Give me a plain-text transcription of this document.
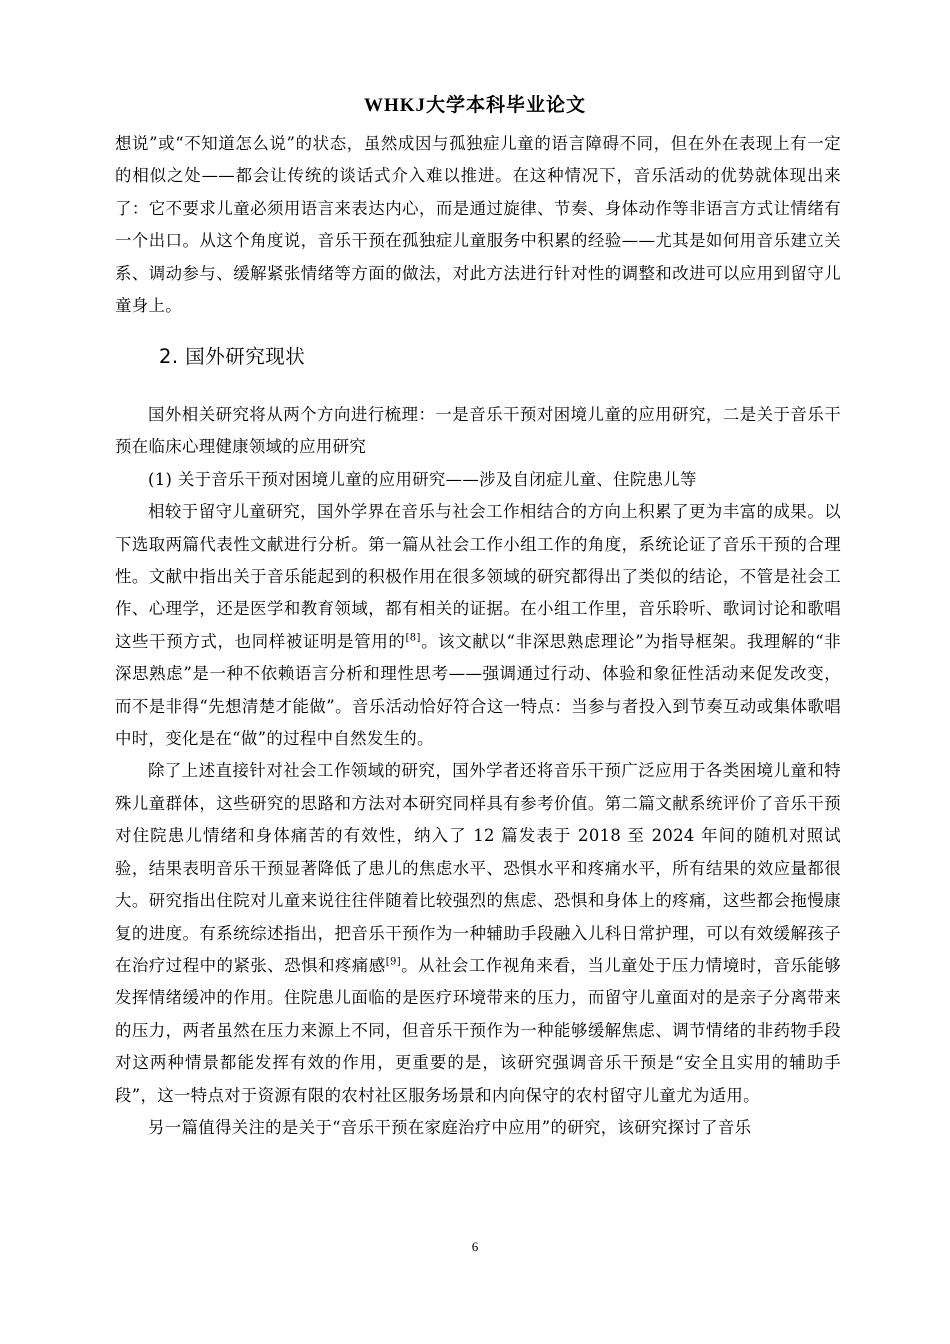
WHKJ大学本科毕业论文

想说”或“不知道怎么说”的状态，虽然成因与孤独症儿童的语言障碍不同，但在外在表现上有一定的相似之处——都会让传统的谈话式介入难以推进。在这种情况下，音乐活动的优势就体现出来了：它不要求儿童必须用语言来表达内心，而是通过旋律、节奏、身体动作等非语言方式让情绪有一个出口。从这个角度说，音乐干预在孤独症儿童服务中积累的经验——尤其是如何用音乐建立关系、调动参与、缓解紧张情绪等方面的做法，对此方法进行针对性的调整和改进可以应用到留守儿童身上。

2. 国外研究现状

国外相关研究将从两个方向进行梳理：一是音乐干预对困境儿童的应用研究，二是关于音乐干预在临床心理健康领域的应用研究

(1) 关于音乐干预对困境儿童的应用研究——涉及自闭症儿童、住院患儿等

相较于留守儿童研究，国外学界在音乐与社会工作相结合的方向上积累了更为丰富的成果。以下选取两篇代表性文献进行分析。第一篇从社会工作小组工作的角度，系统论证了音乐干预的合理性。文献中指出关于音乐能起到的积极作用在很多领域的研究都得出了类似的结论，不管是社会工作、心理学，还是医学和教育领域，都有相关的证据。在小组工作里，音乐聆听、歌词讨论和歌唱这些干预方式，也同样被证明是管用的[8]。该文献以“非深思熟虑理论”为指导框架。我理解的“非深思熟虑”是一种不依赖语言分析和理性思考——强调通过行动、体验和象征性活动来促发改变，而不是非得“先想清楚才能做”。音乐活动恰好符合这一特点：当参与者投入到节奏互动或集体歌唱中时，变化是在“做”的过程中自然发生的。

除了上述直接针对社会工作领域的研究，国外学者还将音乐干预广泛应用于各类困境儿童和特殊儿童群体，这些研究的思路和方法对本研究同样具有参考价值。第二篇文献系统评价了音乐干预对住院患儿情绪和身体痛苦的有效性，纳入了 12 篇发表于 2018 至 2024 年间的随机对照试验，结果表明音乐干预显著降低了患儿的焦虑水平、恐惧水平和疼痛水平，所有结果的效应量都很大。研究指出住院对儿童来说往往伴随着比较强烈的焦虑、恐惧和身体上的疼痛，这些都会拖慢康复的进度。有系统综述指出，把音乐干预作为一种辅助手段融入儿科日常护理，可以有效缓解孩子在治疗过程中的紧张、恐惧和疼痛感[9]。从社会工作视角来看，当儿童处于压力情境时，音乐能够发挥情绪缓冲的作用。住院患儿面临的是医疗环境带来的压力，而留守儿童面对的是亲子分离带来的压力，两者虽然在压力来源上不同，但音乐干预作为一种能够缓解焦虑、调节情绪的非药物手段对这两种情景都能发挥有效的作用，更重要的是，该研究强调音乐干预是“安全且实用的辅助手段”，这一特点对于资源有限的农村社区服务场景和内向保守的农村留守儿童尤为适用。

另一篇值得关注的是关于“音乐干预在家庭治疗中应用”的研究，该研究探讨了音乐

6
